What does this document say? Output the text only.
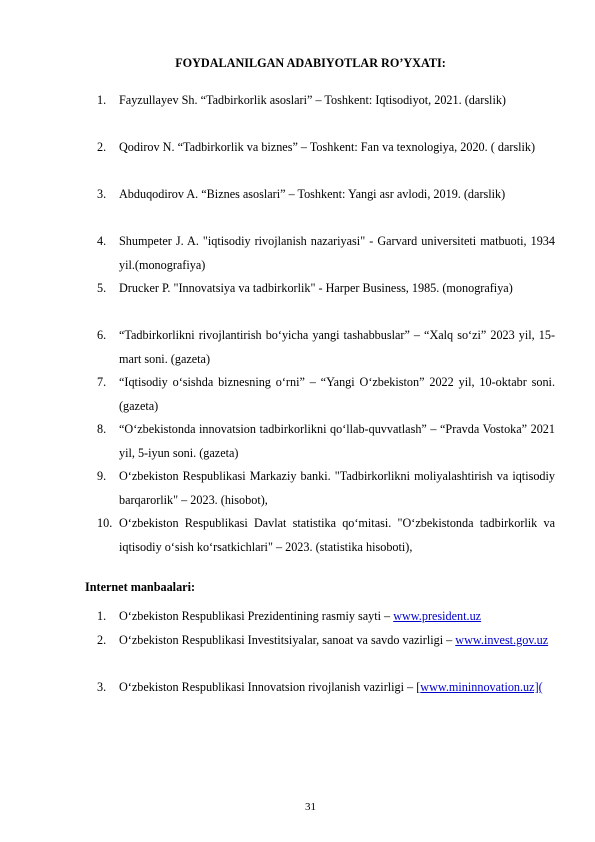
FOYDALANILGAN ADABIYOTLAR RO’YXATI:
1.	Fayzullayev Sh. “Tadbirkorlik asoslari” – Toshkent: Iqtisodiyot, 2021. (darslik)
2.	Qodirov N. “Tadbirkorlik va biznes” – Toshkent: Fan va texnologiya, 2020. ( darslik)
3.	Abduqodirov A. “Biznes asoslari” – Toshkent: Yangi asr avlodi, 2019. (darslik)
4.	Shumpeter J. A. "iqtisodiy rivojlanish nazariyasi" - Garvard universiteti matbuoti, 1934 yil.(monografiya)
5.	Drucker P. "Innovatsiya va tadbirkorlik" - Harper Business, 1985. (monografiya)
6.	“Tadbirkorlikni rivojlantirish bo‘yicha yangi tashabbuslar” – “Xalq so‘zi” 2023 yil, 15-mart soni. (gazeta)
7.	“Iqtisodiy o‘sishda biznesning o‘rni” – “Yangi O‘zbekiston” 2022 yil, 10-oktabr soni. (gazeta)
8.	“O‘zbekistonda innovatsion tadbirkorlikni qo‘llab-quvvatlash” – “Pravda Vostoka” 2021 yil, 5-iyun soni. (gazeta)
9.	O‘zbekiston Respublikasi Markaziy banki. "Tadbirkorlikni moliyalashtirish va iqtisodiy barqarorlik" – 2023. (hisobot),
10. O‘zbekiston Respublikasi Davlat statistika qo‘mitasi. "O‘zbekistonda tadbirkorlik va iqtisodiy o‘sish ko‘rsatkichlari" – 2023. (statistika hisoboti),
Internet manbaalari:
1.	O‘zbekiston Respublikasi Prezidentining rasmiy sayti – www.president.uz
2.	O‘zbekiston Respublikasi Investitsiyalar, sanoat va savdo vazirligi – www.invest.gov.uz
3.	O‘zbekiston Respublikasi Innovatsion rivojlanish vazirligi – [www.mininnovation.uz](
31
